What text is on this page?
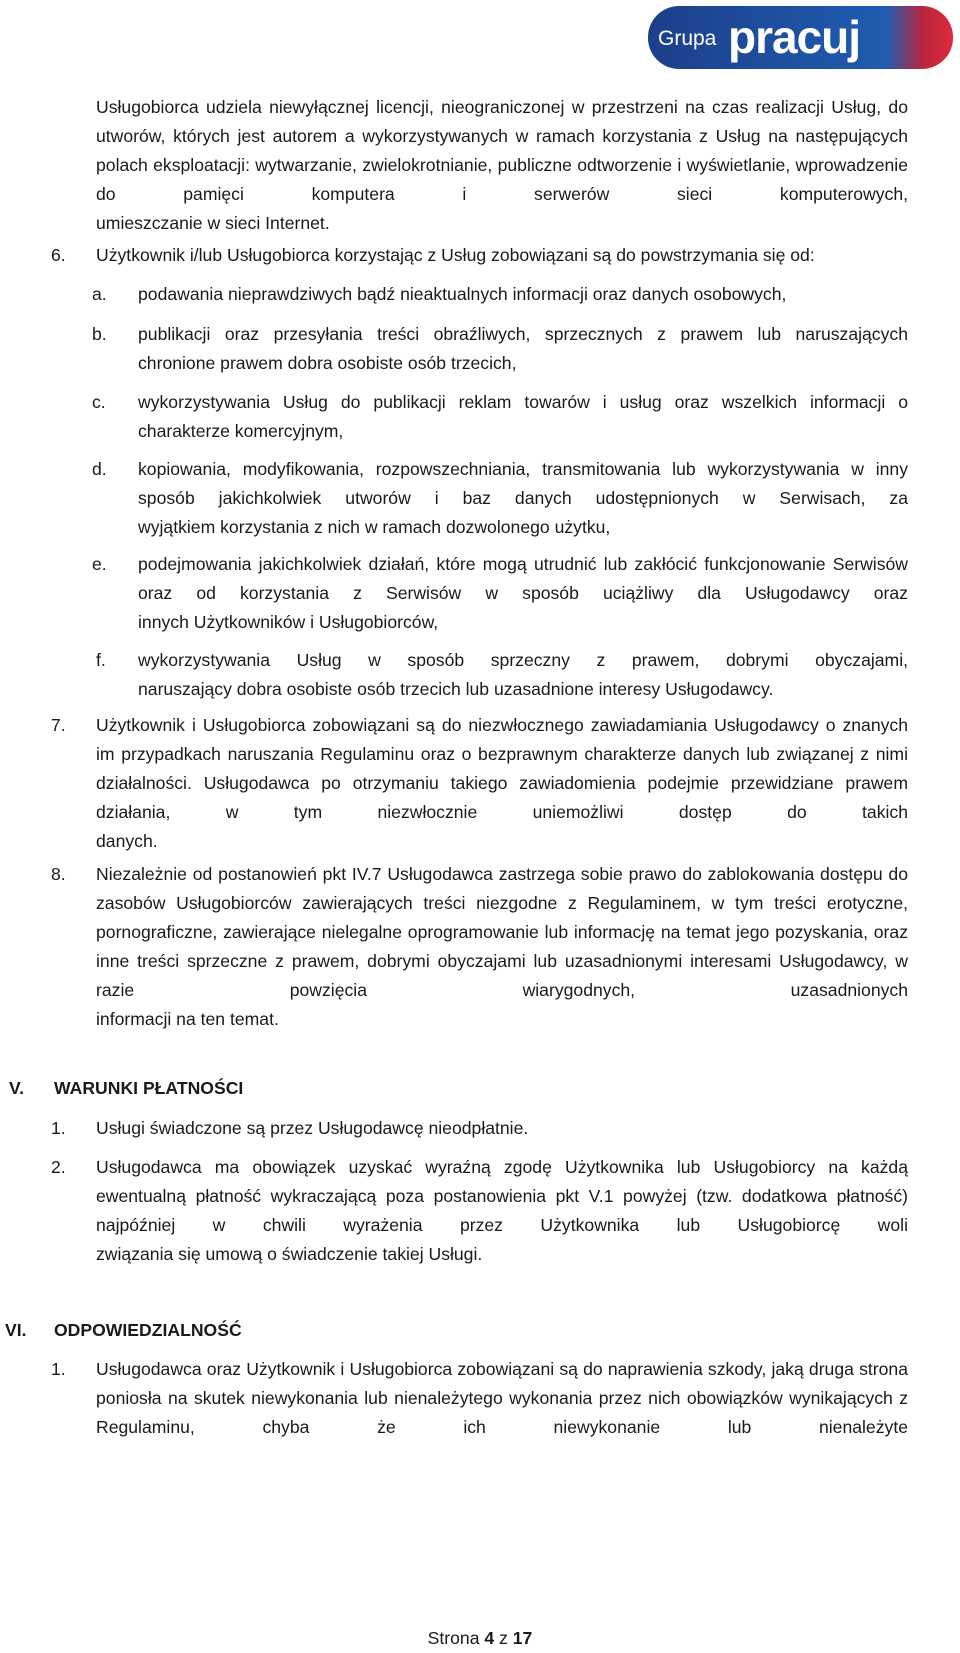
Grupa pracuj
Usługobiorca udziela niewyłącznej licencji, nieograniczonej w przestrzeni na czas realizacji Usług, do utworów, których jest autorem a wykorzystywanych w ramach korzystania z Usług na następujących polach eksploatacji: wytwarzanie, zwielokrotnianie, publiczne odtworzenie i wyświetlanie, wprowadzenie do pamięci komputera i serwerów sieci komputerowych,
umieszczanie w sieci Internet.
6. Użytkownik i/lub Usługobiorca korzystając z Usług zobowiązani są do powstrzymania się od:
a. podawania nieprawdziwych bądź nieaktualnych informacji oraz danych osobowych,
b. publikacji oraz przesyłania treści obraźliwych, sprzecznych z prawem lub naruszających
chronione prawem dobra osobiste osób trzecich,
c. wykorzystywania Usług do publikacji reklam towarów i usług oraz wszelkich informacji o
charakterze komercyjnym,
d. kopiowania, modyfikowania, rozpowszechniania, transmitowania lub wykorzystywania w inny sposób jakichkolwiek utworów i baz danych udostępnionych w Serwisach, za
wyjątkiem korzystania z nich w ramach dozwolonego użytku,
e. podejmowania jakichkolwiek działań, które mogą utrudnić lub zakłócić funkcjonowanie Serwisów oraz od korzystania z Serwisów w sposób uciążliwy dla Usługodawcy oraz
innych Użytkowników i Usługobiorców,
f. wykorzystywania Usług w sposób sprzeczny z prawem, dobrymi obyczajami,
naruszający dobra osobiste osób trzecich lub uzasadnione interesy Usługodawcy.
7. Użytkownik i Usługobiorca zobowiązani są do niezwłocznego zawiadamiania Usługodawcy o znanych im przypadkach naruszania Regulaminu oraz o bezprawnym charakterze danych lub związanej z nimi działalności. Usługodawca po otrzymaniu takiego zawiadomienia podejmie przewidziane prawem działania, w tym niezwłocznie uniemożliwi dostęp do takich
danych.
8. Niezależnie od postanowień pkt IV.7 Usługodawca zastrzega sobie prawo do zablokowania dostępu do zasobów Usługobiorców zawierających treści niezgodne z Regulaminem, w tym treści erotyczne, pornograficzne, zawierające nielegalne oprogramowanie lub informację na temat jego pozyskania, oraz inne treści sprzeczne z prawem, dobrymi obyczajami lub uzasadnionymi interesami Usługodawcy, w razie powzięcia wiarygodnych, uzasadnionych
informacji na ten temat.
V. WARUNKI PŁATNOŚCI
1. Usługi świadczone są przez Usługodawcę nieodpłatnie.
2. Usługodawca ma obowiązek uzyskać wyraźną zgodę Użytkownika lub Usługobiorcy na każdą ewentualną płatność wykraczającą poza postanowienia pkt V.1 powyżej (tzw. dodatkowa płatność) najpóźniej w chwili wyrażenia przez Użytkownika lub Usługobiorcę woli
związania się umową o świadczenie takiej Usługi.
VI. ODPOWIEDZIALNOŚĆ
1. Usługodawca oraz Użytkownik i Usługobiorca zobowiązani są do naprawienia szkody, jaką druga strona poniosła na skutek niewykonania lub nienależytego wykonania przez nich obowiązków wynikających z Regulaminu, chyba że ich niewykonanie lub nienależyte
Strona 4 z 17
